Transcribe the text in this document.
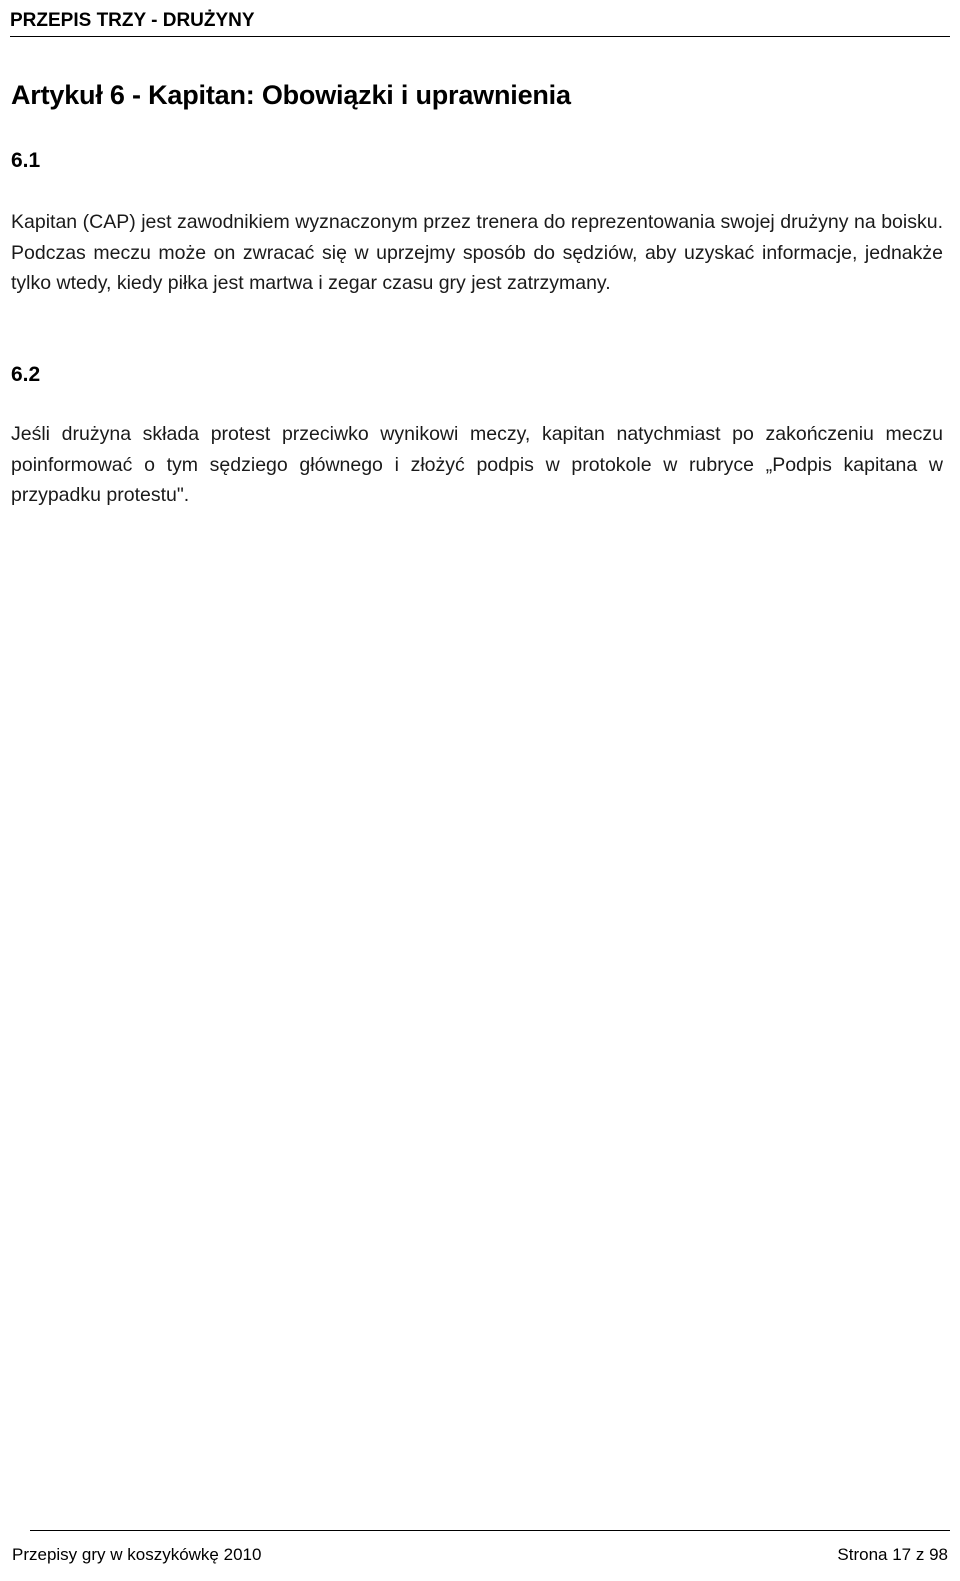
PRZEPIS TRZY - DRUŻYNY
Artykuł 6 - Kapitan: Obowiązki i uprawnienia
6.1

Kapitan (CAP) jest zawodnikiem wyznaczonym przez trenera do reprezentowania swojej drużyny na boisku. Podczas meczu może on zwracać się w uprzejmy sposób do sędziów, aby uzyskać informacje, jednakże tylko wtedy, kiedy piłka jest martwa i zegar czasu gry jest zatrzymany.

6.2

Jeśli drużyna składa protest przeciwko wynikowi meczy, kapitan natychmiast po zakończeniu meczu poinformować o tym sędziego głównego i złożyć podpis w protokole w rubryce „Podpis kapitana w przypadku protestu".

Przepisy gry w koszykówkę 2010	Strona 17 z 98
